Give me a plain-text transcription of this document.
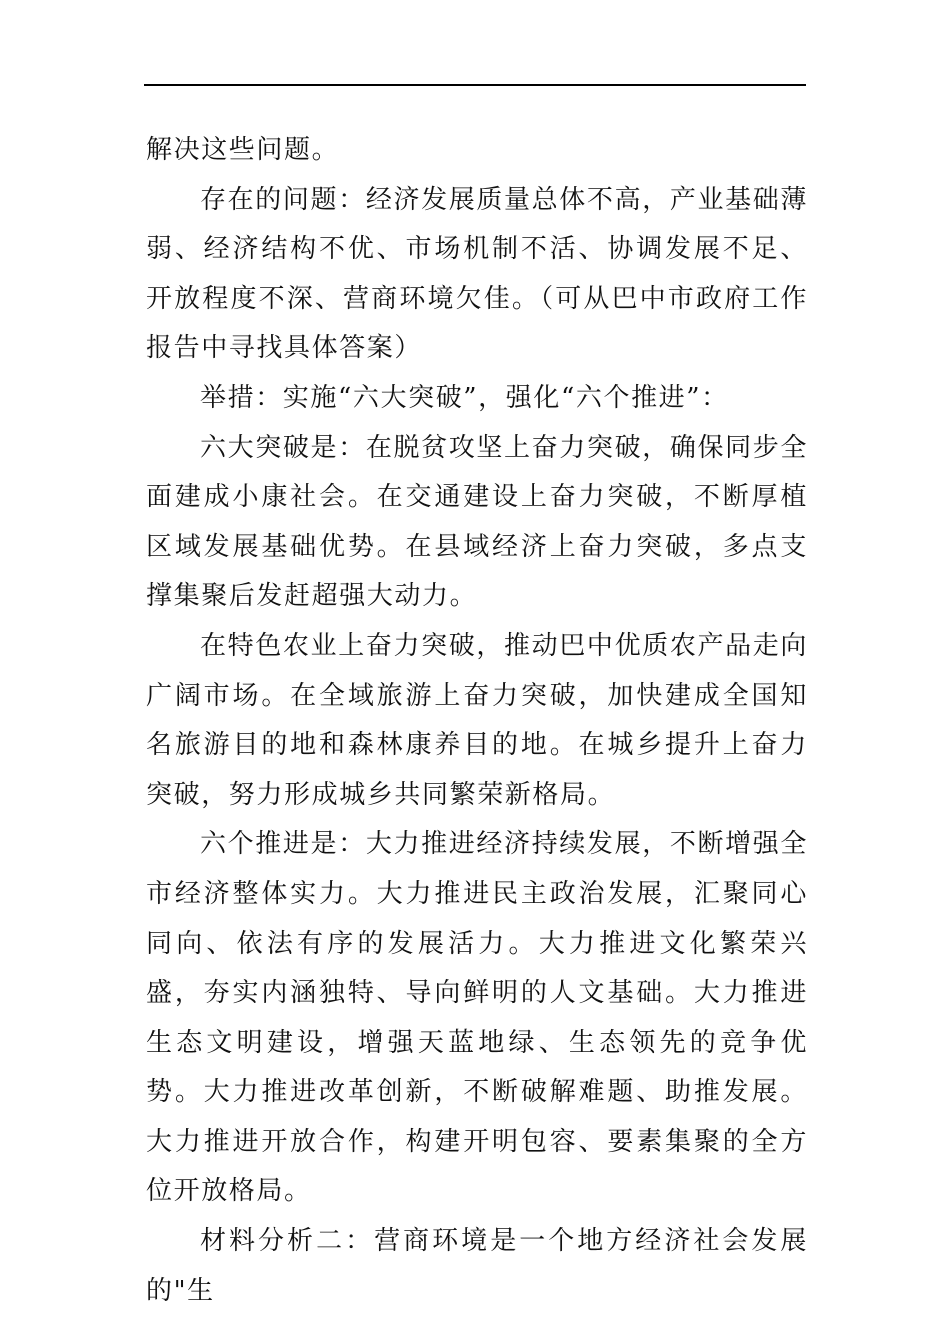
解决这些问题。

存在的问题：经济发展质量总体不高，产业基础薄弱、经济结构不优、市场机制不活、协调发展不足、开放程度不深、营商环境欠佳。（可从巴中市政府工作报告中寻找具体答案）

举措：实施“六大突破”，强化“六个推进”：

六大突破是：在脱贫攻坚上奋力突破，确保同步全面建成小康社会。在交通建设上奋力突破，不断厚植区域发展基础优势。在县域经济上奋力突破，多点支撑集聚后发赶超强大动力。

在特色农业上奋力突破，推动巴中优质农产品走向广阔市场。在全域旅游上奋力突破，加快建成全国知名旅游目的地和森林康养目的地。在城乡提升上奋力突破，努力形成城乡共同繁荣新格局。

六个推进是：大力推进经济持续发展，不断增强全市经济整体实力。大力推进民主政治发展，汇聚同心同向、依法有序的发展活力。大力推进文化繁荣兴盛，夯实内涵独特、导向鲜明的人文基础。大力推进生态文明建设，增强天蓝地绿、生态领先的竞争优势。大力推进改革创新，不断破解难题、助推发展。大力推进开放合作，构建开明包容、要素集聚的全方位开放格局。

材料分析二：营商环境是一个地方经济社会发展的"生
